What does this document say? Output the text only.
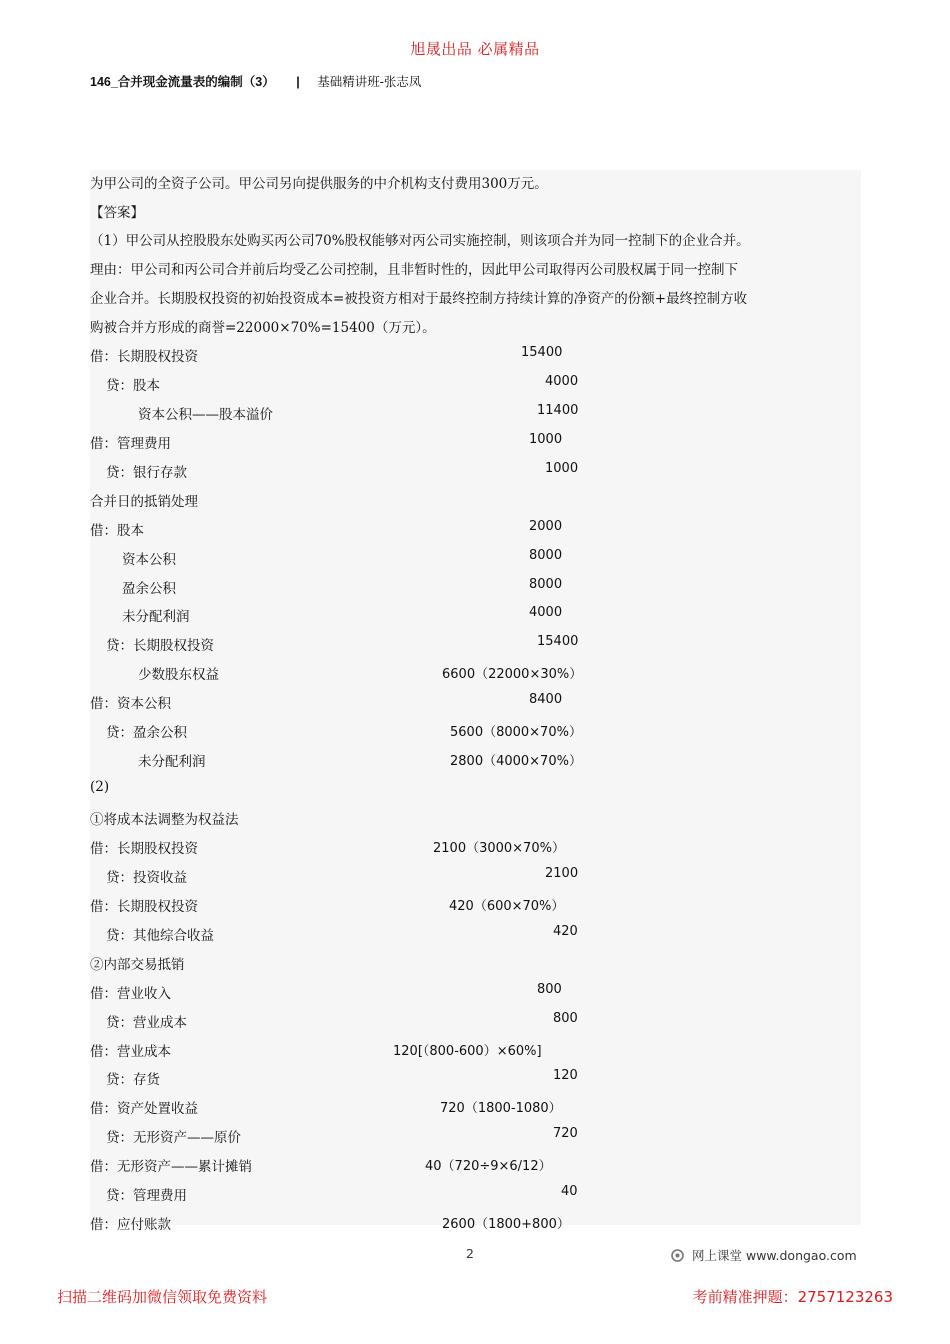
旭晟出品 必属精品
146_合并现金流量表的编制（3） | 基础精讲班-张志凤

为甲公司的全资子公司。甲公司另向提供服务的中介机构支付费用300万元。

【答案】

（1）甲公司从控股股东处购买丙公司70%股权能够对丙公司实施控制，则该项合并为同一控制下的企业合并。

理由：甲公司和丙公司合并前后均受乙公司控制，且非暂时性的，因此甲公司取得丙公司股权属于同一控制下

企业合并。长期股权投资的初始投资成本=被投资方相对于最终控制方持续计算的净资产的份额+最终控制方收

购被合并方形成的商誉=22000×70%=15400（万元）。

借：长期股权投资	15400
贷：股本	4000
资本公积——股本溢价	11400
借：管理费用	1000
贷：银行存款	1000
合并日的抵销处理
借：股本	2000
资本公积	8000
盈余公积	8000
未分配利润	4000
贷：长期股权投资	15400
少数股东权益	6600（22000×30%）
借：资本公积	8400
贷：盈余公积	5600（8000×70%）
未分配利润	2800（4000×70%）
(2)
①将成本法调整为权益法
借：长期股权投资	2100（3000×70%）
贷：投资收益	2100
借：长期股权投资	420（600×70%）
贷：其他综合收益	420
②内部交易抵销
借：营业收入	800
贷：营业成本	800
借：营业成本	120[（800-600）×60%]
贷：存货	120
借：资产处置收益	720（1800-1080）
贷：无形资产——原价	720
借：无形资产——累计摊销	40（720÷9×6/12）
贷：管理费用	40
借：应付账款	2600（1800+800）
2	网上课堂 www.dongao.com
扫描二维码加微信领取免费资料	考前精准押题：2757123263
